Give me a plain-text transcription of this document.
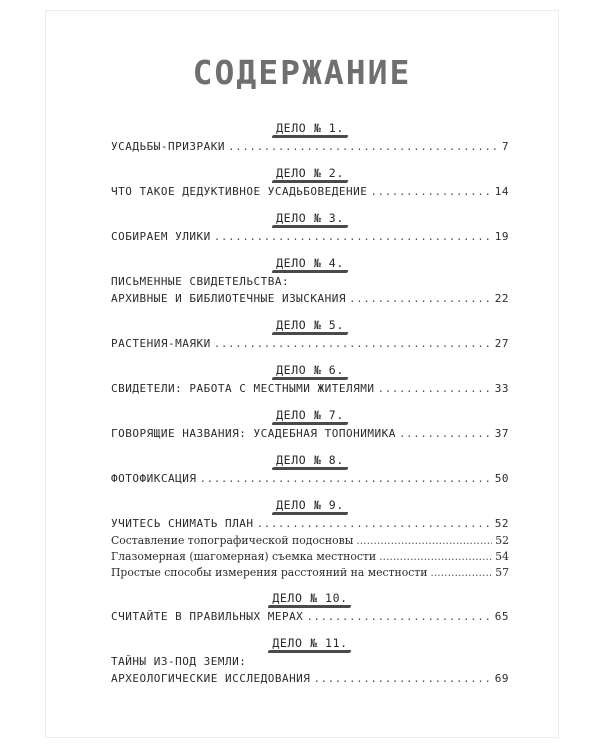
СОДЕРЖАНИЕ
ДЕЛО № 1.
УСАДЬБЫ-ПРИЗРАКИ .....	7
ДЕЛО № 2.
ЧТО ТАКОЕ ДЕДУКТИВНОЕ УСАДЬБОВЕДЕНИЕ .....	14
ДЕЛО № 3.
СОБИРАЕМ УЛИКИ .....	19
ДЕЛО № 4.
ПИСЬМЕННЫЕ СВИДЕТЕЛЬСТВА:
АРХИВНЫЕ И БИБЛИОТЕЧНЫЕ ИЗЫСКАНИЯ .....	22
ДЕЛО № 5.
РАСТЕНИЯ-МАЯКИ .....	27
ДЕЛО № 6.
СВИДЕТЕЛИ: РАБОТА С МЕСТНЫМИ ЖИТЕЛЯМИ .....	33
ДЕЛО № 7.
ГОВОРЯЩИЕ НАЗВАНИЯ: УСАДЕБНАЯ ТОПОНИМИКА .....	37
ДЕЛО № 8.
ФОТОФИКСАЦИЯ .....	50
ДЕЛО № 9.
УЧИТЕСЬ СНИМАТЬ ПЛАН .....	52
Составление топографической подосновы .....	52
Глазомерная (шагомерная) съемка местности .....	54
Простые способы измерения расстояний на местности .....	57
ДЕЛО № 10.
СЧИТАЙТЕ В ПРАВИЛЬНЫХ МЕРАХ .....	65
ДЕЛО № 11.
ТАЙНЫ ИЗ-ПОД ЗЕМЛИ:
АРХЕОЛОГИЧЕСКИЕ ИССЛЕДОВАНИЯ .....	69
